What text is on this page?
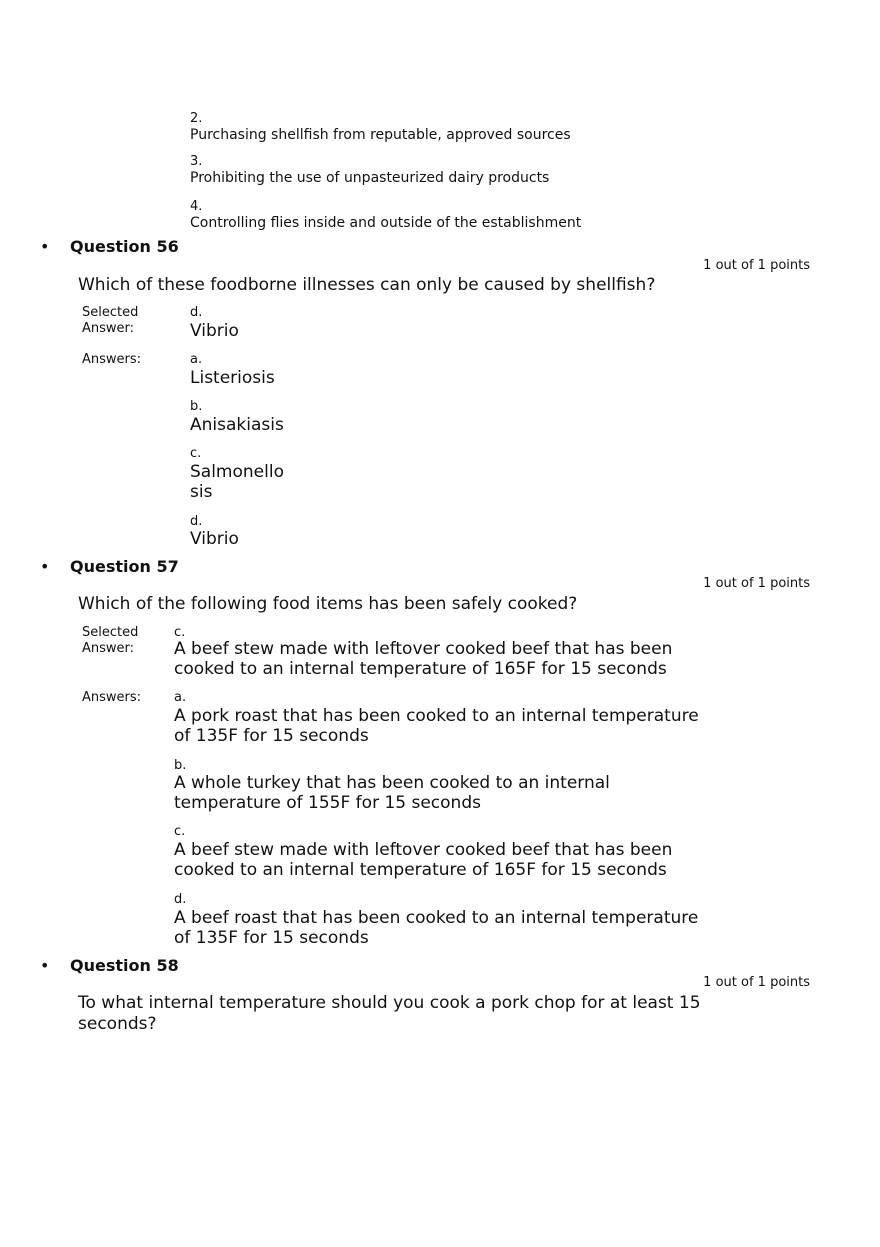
2.

Purchasing shellfish from reputable, approved sources

3.

Prohibiting the use of unpasteurized dairy products

4.

Controlling flies inside and outside of the establishment

• Question 56

1 out of 1 points

Which of these foodborne illnesses can only be caused by shellfish?

Selected Answer:

d.

Vibrio

Answers:	a.

Listeriosis

b.

Anisakiasis

c.

Salmonellosis

d.

Vibrio

• Question 57

1 out of 1 points

Which of the following food items has been safely cooked?

Selected Answer:

c.

A beef stew made with leftover cooked beef that has been cooked to an internal temperature of 165F for 15 seconds

Answers:	a.

A pork roast that has been cooked to an internal temperature of 135F for 15 seconds

b.

A whole turkey that has been cooked to an internal temperature of 155F for 15 seconds

c.

A beef stew made with leftover cooked beef that has been cooked to an internal temperature of 165F for 15 seconds

d.

A beef roast that has been cooked to an internal temperature of 135F for 15 seconds

• Question 58

1 out of 1 points

To what internal temperature should you cook a pork chop for at least 15 seconds?
